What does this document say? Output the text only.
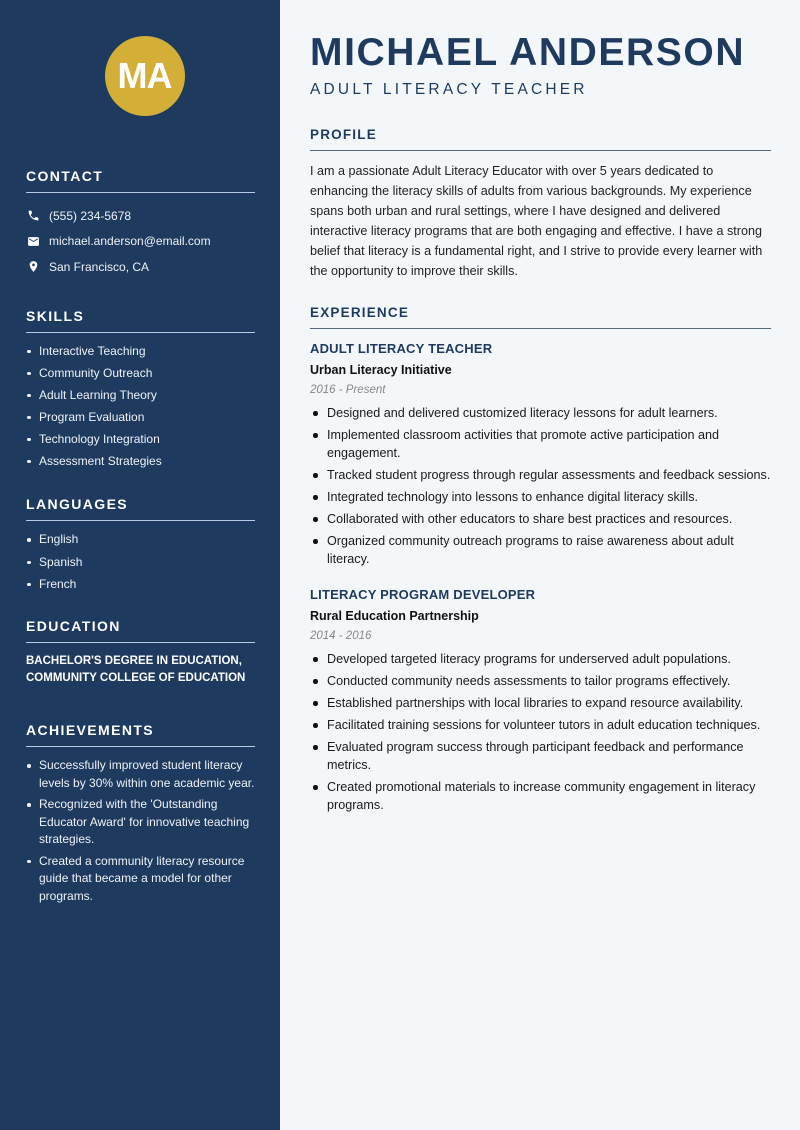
MA
CONTACT
(555) 234-5678
michael.anderson@email.com
San Francisco, CA
SKILLS
Interactive Teaching
Community Outreach
Adult Learning Theory
Program Evaluation
Technology Integration
Assessment Strategies
LANGUAGES
English
Spanish
French
EDUCATION

BACHELOR'S DEGREE IN EDUCATION, COMMUNITY COLLEGE OF EDUCATION

ACHIEVEMENTS
Successfully improved student literacy levels by 30% within one academic year.
Recognized with the 'Outstanding Educator Award' for innovative teaching strategies.
Created a community literacy resource guide that became a model for other programs.
MICHAEL ANDERSON
ADULT LITERACY TEACHER
PROFILE

I am a passionate Adult Literacy Educator with over 5 years dedicated to enhancing the literacy skills of adults from various backgrounds. My experience spans both urban and rural settings, where I have designed and delivered interactive literacy programs that are both engaging and effective. I have a strong belief that literacy is a fundamental right, and I strive to provide every learner with the opportunity to improve their skills.

EXPERIENCE
ADULT LITERACY TEACHER
Urban Literacy Initiative
2016 - Present
Designed and delivered customized literacy lessons for adult learners.
Implemented classroom activities that promote active participation and engagement.
Tracked student progress through regular assessments and feedback sessions.
Integrated technology into lessons to enhance digital literacy skills.
Collaborated with other educators to share best practices and resources.
Organized community outreach programs to raise awareness about adult literacy.
LITERACY PROGRAM DEVELOPER
Rural Education Partnership
2014 - 2016
Developed targeted literacy programs for underserved adult populations.
Conducted community needs assessments to tailor programs effectively.
Established partnerships with local libraries to expand resource availability.
Facilitated training sessions for volunteer tutors in adult education techniques.
Evaluated program success through participant feedback and performance metrics.
Created promotional materials to increase community engagement in literacy programs.
